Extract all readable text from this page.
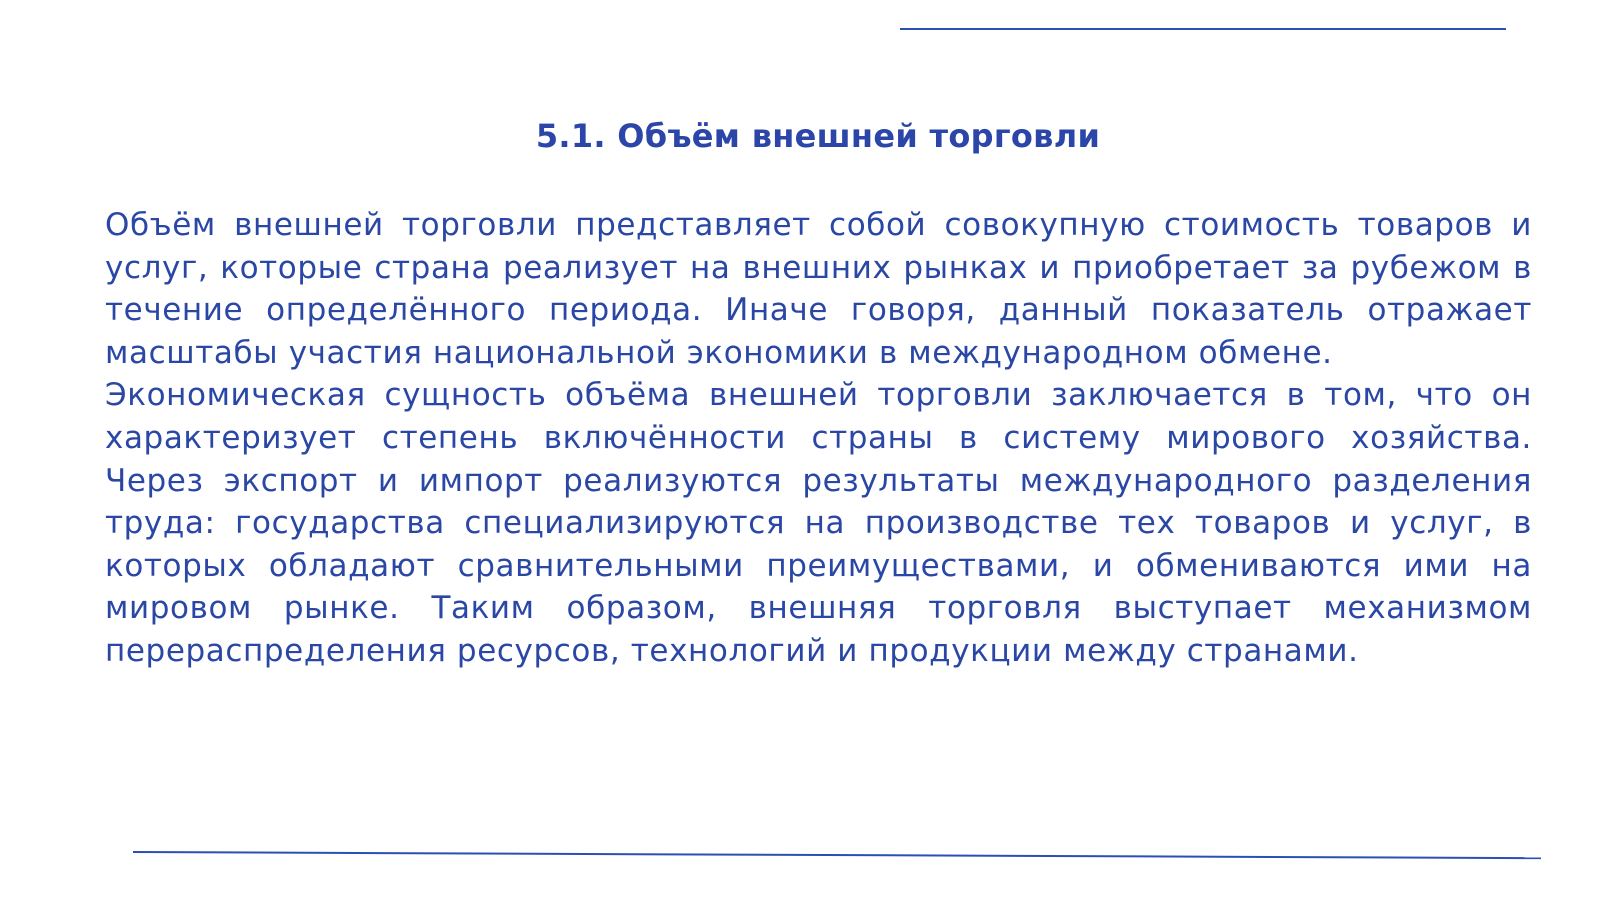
5.1. Объём внешней торговли

Объём внешней торговли представляет собой совокупную стоимость товаров и услуг, которые страна реализует на внешних рынках и приобретает за рубежом в течение определённого периода. Иначе говоря, данный показатель отражает масштабы участия национальной экономики в международном обмене.

Экономическая сущность объёма внешней торговли заключается в том, что он характеризует степень включённости страны в систему мирового хозяйства. Через экспорт и импорт реализуются результаты международного разделения труда: государства специализируются на производстве тех товаров и услуг, в которых обладают сравнительными преимуществами, и обмениваются ими на мировом рынке. Таким образом, внешняя торговля выступает механизмом перераспределения ресурсов, технологий и продукции между странами.
